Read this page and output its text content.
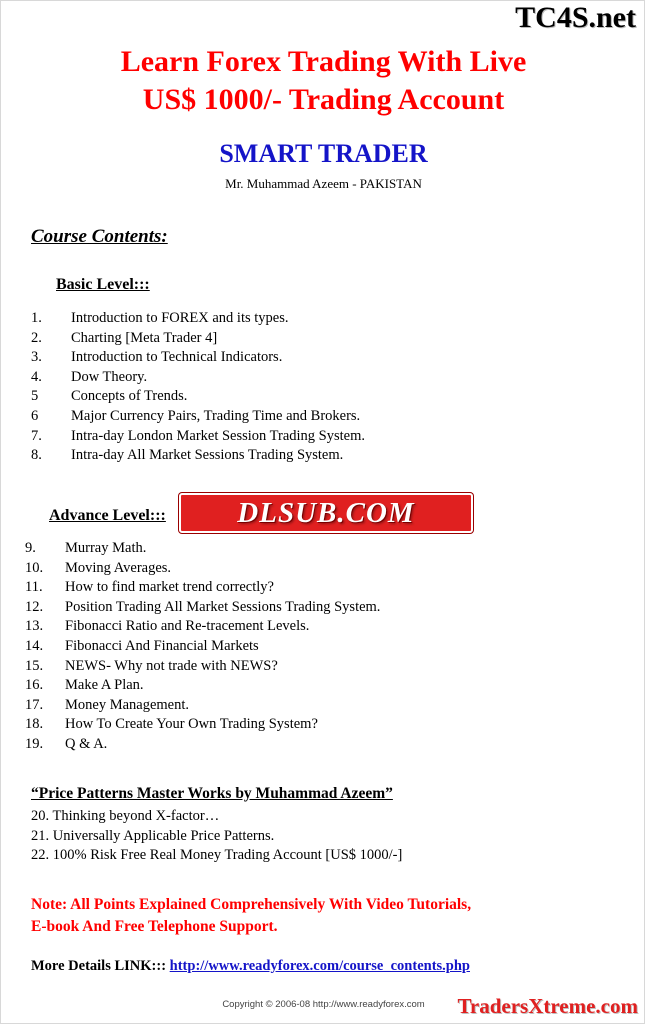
TC4S.net
Learn Forex Trading With Live
US$ 1000/- Trading Account
SMART TRADER
Mr. Muhammad Azeem - PAKISTAN
Course Contents:
Basic Level:::
1.	Introduction to FOREX and its types.
2.	Charting [Meta Trader 4]
3.	Introduction to Technical Indicators.
4.	Dow Theory.
5	Concepts of Trends.
6	Major Currency Pairs, Trading Time and Brokers.
7.	Intra-day London Market Session Trading System.
8.	Intra-day All Market Sessions Trading System.
Advance Level::: DLSUB.COM
9.	Murray Math.
10.	Moving Averages.
11.	How to find market trend correctly?
12.	Position Trading All Market Sessions Trading System.
13.	Fibonacci Ratio and Re-tracement Levels.
14.	Fibonacci And Financial Markets
15.	NEWS- Why not trade with NEWS?
16.	Make A Plan.
17.	Money Management.
18.	How To Create Your Own Trading System?
19.	Q & A.
“Price Patterns Master Works by Muhammad Azeem”
20. Thinking beyond X-factor…
21. Universally Applicable Price Patterns.
22. 100% Risk Free Real Money Trading Account [US$ 1000/-]
Note: All Points Explained Comprehensively With Video Tutorials,
E-book And Free Telephone Support.
More Details LINK::: http://www.readyforex.com/course_contents.php
Copyright © 2006-08 http://www.readyforex.com	TradersXtreme.com
